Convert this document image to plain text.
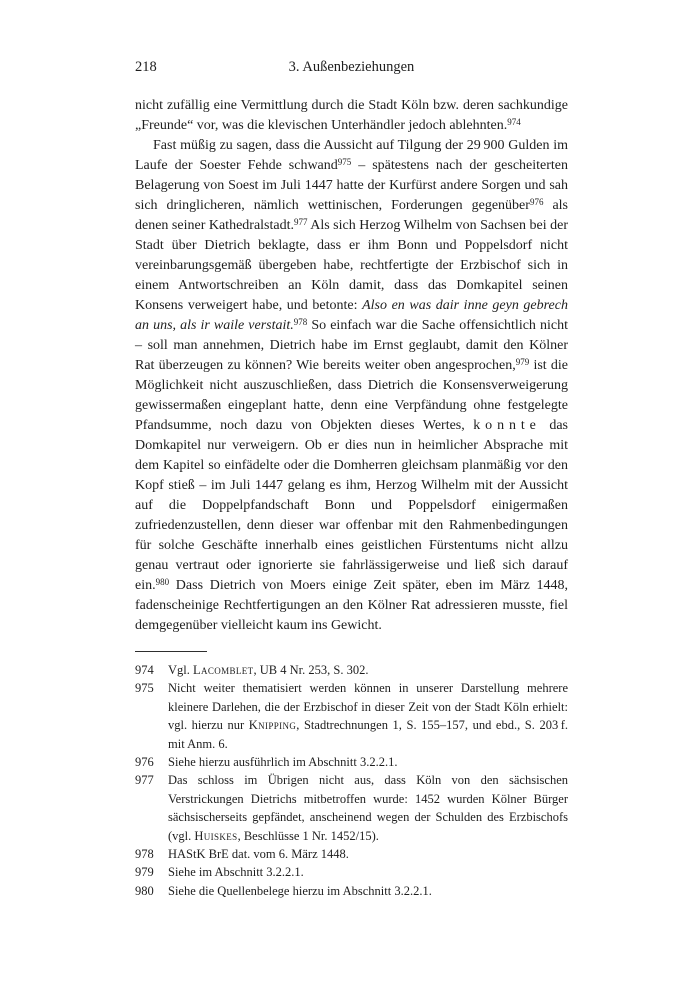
218	3. Außenbeziehungen

nicht zufällig eine Vermittlung durch die Stadt Köln bzw. deren sachkundige „Freunde“ vor, was die klevischen Unterhändler jedoch ablehnten.$^{974}$

Fast müßig zu sagen, dass die Aussicht auf Tilgung der 29 900 Gulden im Laufe der Soester Fehde schwand$^{975}$ – spätestens nach der gescheiterten Belagerung von Soest im Juli 1447 hatte der Kurfürst andere Sorgen und sah sich dringlicheren, nämlich wettinischen, Forderungen gegenüber$^{976}$ als denen seiner Kathedralstadt.$^{977}$ Als sich Herzog Wilhelm von Sachsen bei der Stadt über Dietrich beklagte, dass er ihm Bonn und Poppelsdorf nicht vereinbarungsgemäß übergeben habe, rechtfertigte der Erzbischof sich in einem Antwortschreiben an Köln damit, dass das Domkapitel seinen Konsens verweigert habe, und betonte: Also en was dair inne geyn gebrech an uns, als ir waile verstait.$^{978}$ So einfach war die Sache offensichtlich nicht – soll man annehmen, Dietrich habe im Ernst geglaubt, damit den Kölner Rat überzeugen zu können? Wie bereits weiter oben angesprochen,$^{979}$ ist die Möglichkeit nicht auszuschließen, dass Dietrich die Konsensverweigerung gewissermaßen eingeplant hatte, denn eine Verpfändung ohne festgelegte Pfandsumme, noch dazu von Objekten dieses Wertes, konnte das Domkapitel nur verweigern. Ob er dies nun in heimlicher Absprache mit dem Kapitel so einfädelte oder die Domherren gleichsam planmäßig vor den Kopf stieß – im Juli 1447 gelang es ihm, Herzog Wilhelm mit der Aussicht auf die Doppelpfandschaft Bonn und Poppelsdorf einigermaßen zufriedenzustellen, denn dieser war offenbar mit den Rahmenbedingungen für solche Geschäfte innerhalb eines geistlichen Fürstentums nicht allzu genau vertraut oder ignorierte sie fahrlässigerweise und ließ sich darauf ein.$^{980}$ Dass Dietrich von Moers einige Zeit später, eben im März 1448, fadenscheinige Rechtfertigungen an den Kölner Rat adressieren musste, fiel demgegenüber vielleicht kaum ins Gewicht.

974	Vgl. Lacomblet, UB 4 Nr. 253, S. 302.
975	Nicht weiter thematisiert werden können in unserer Darstellung mehrere kleinere Darlehen, die der Erzbischof in dieser Zeit von der Stadt Köln erhielt: vgl. hierzu nur Knipping, Stadtrechnungen 1, S. 155–157, und ebd., S. 203 f. mit Anm. 6.
976	Siehe hierzu ausführlich im Abschnitt 3.2.2.1.
977	Das schloss im Übrigen nicht aus, dass Köln von den sächsischen Verstrickungen Dietrichs mitbetroffen wurde: 1452 wurden Kölner Bürger sächsischerseits gepfändet, anscheinend wegen der Schulden des Erzbischofs (vgl. Huiskes, Beschlüsse 1 Nr. 1452/15).
978	HAStK BrE dat. vom 6. März 1448.
979	Siehe im Abschnitt 3.2.2.1.
980	Siehe die Quellenbelege hierzu im Abschnitt 3.2.2.1.
